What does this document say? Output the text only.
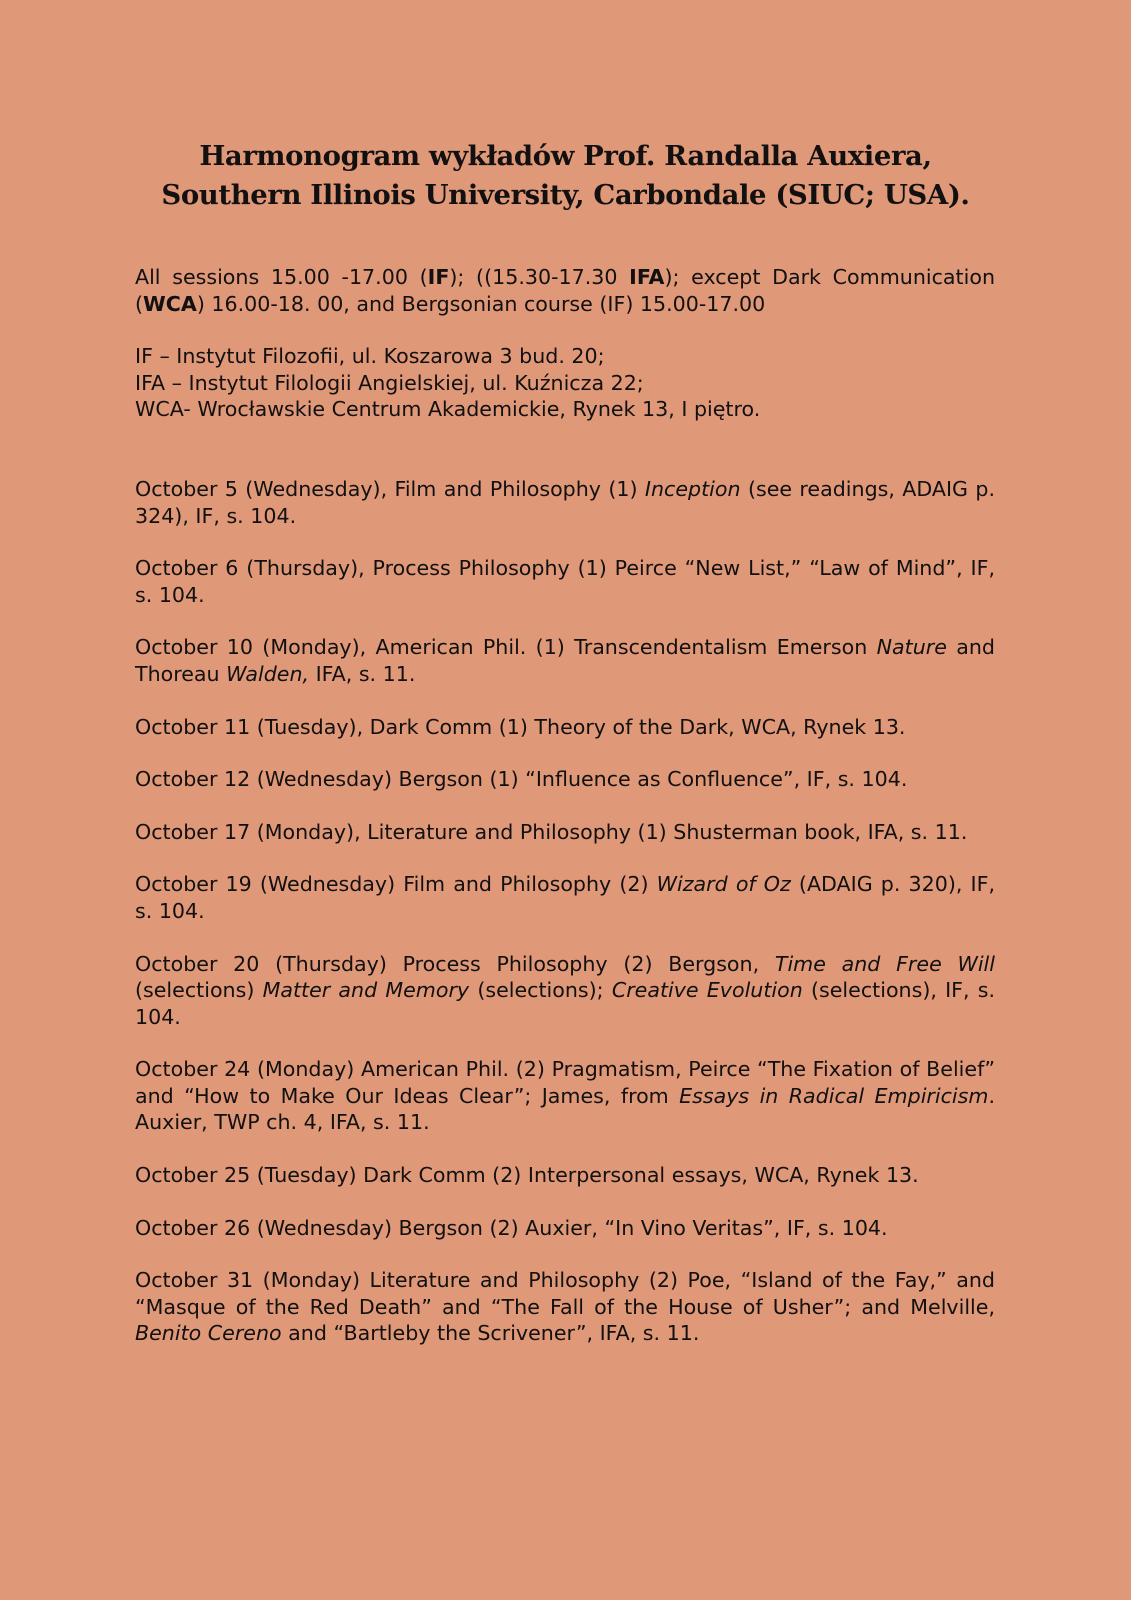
Harmonogram wykładów Prof. Randalla Auxiera,
Southern Illinois University, Carbondale (SIUC; USA).

All sessions 15.00 -17.00 (IF); ((15.30-17.30 IFA); except Dark Communication (WCA) 16.00-18. 00, and Bergsonian course (IF) 15.00-17.00

IF – Instytut Filozofii, ul. Koszarowa 3 bud. 20;
IFA – Instytut Filologii Angielskiej, ul. Kuźnicza 22;
WCA- Wrocławskie Centrum Akademickie, Rynek 13, I piętro.

October 5 (Wednesday), Film and Philosophy (1) Inception (see readings, ADAIG p. 324), IF, s. 104.

October 6 (Thursday), Process Philosophy (1) Peirce “New List,” “Law of Mind”, IF, s. 104.

October 10 (Monday), American Phil. (1) Transcendentalism Emerson Nature and Thoreau Walden, IFA, s. 11.

October 11 (Tuesday), Dark Comm (1) Theory of the Dark, WCA, Rynek 13.

October 12 (Wednesday) Bergson (1) “Influence as Confluence”, IF, s. 104.

October 17 (Monday), Literature and Philosophy (1) Shusterman book, IFA, s. 11.

October 19 (Wednesday) Film and Philosophy (2) Wizard of Oz (ADAIG p. 320), IF, s. 104.

October 20 (Thursday) Process Philosophy (2) Bergson, Time and Free Will (selections) Matter and Memory (selections); Creative Evolution (selections), IF, s. 104.

October 24 (Monday) American Phil. (2) Pragmatism, Peirce “The Fixation of Belief” and “How to Make Our Ideas Clear”; James, from Essays in Radical Empiricism. Auxier, TWP ch. 4, IFA, s. 11.

October 25 (Tuesday) Dark Comm (2) Interpersonal essays, WCA, Rynek 13.

October 26 (Wednesday) Bergson (2) Auxier, “In Vino Veritas”, IF, s. 104.

October 31 (Monday) Literature and Philosophy (2) Poe, “Island of the Fay,” and “Masque of the Red Death” and “The Fall of the House of Usher”; and Melville, Benito Cereno and “Bartleby the Scrivener”, IFA, s. 11.
